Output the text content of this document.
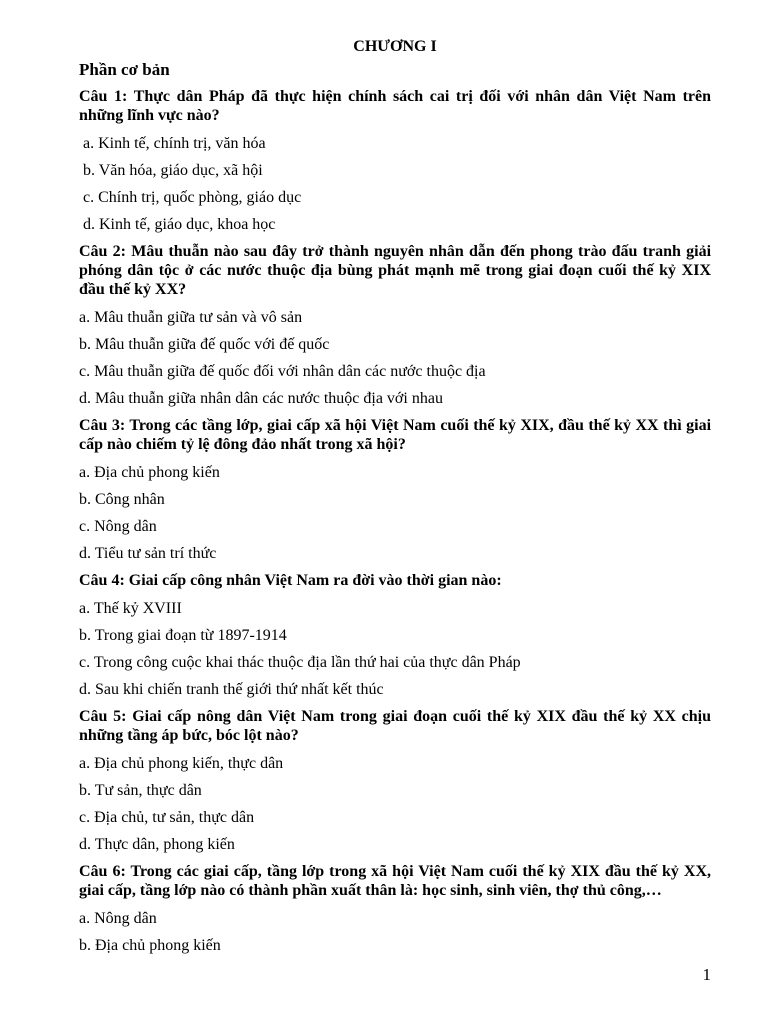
CHƯƠNG I
Phần cơ bản
Câu 1: Thực dân Pháp đã thực hiện chính sách cai trị đối với nhân dân Việt Nam trên những lĩnh vực nào?
a. Kinh tế, chính trị, văn hóa
b. Văn hóa, giáo dục, xã hội
c. Chính trị, quốc phòng, giáo dục
d. Kinh tế, giáo dục, khoa học
Câu 2: Mâu thuẫn nào sau đây trở thành nguyên nhân dẫn đến phong trào đấu tranh giải phóng dân tộc ở các nước thuộc địa bùng phát mạnh mẽ trong giai đoạn cuối thế kỷ XIX đầu thế kỷ XX?
a. Mâu thuẫn giữa tư sản và vô sản
b. Mâu thuẫn giữa đế quốc với đế quốc
c. Mâu thuẫn giữa đế quốc đối với nhân dân các nước thuộc địa
d. Mâu thuẫn giữa nhân dân các nước thuộc địa với nhau
Câu 3: Trong các tầng lớp, giai cấp xã hội Việt Nam cuối thế kỷ XIX, đầu thế kỷ XX thì giai cấp nào chiếm tỷ lệ đông đảo nhất trong xã hội?
a. Địa chủ phong kiến
b. Công nhân
c. Nông dân
d. Tiểu tư sản trí thức
Câu 4: Giai cấp công nhân Việt Nam ra đời vào thời gian nào:
a. Thế kỷ XVIII
b. Trong giai đoạn từ 1897-1914
c. Trong công cuộc khai thác thuộc địa lần thứ hai của thực dân Pháp
d. Sau khi chiến tranh thế giới thứ nhất kết thúc
Câu 5: Giai cấp nông dân Việt Nam trong giai đoạn cuối thế kỷ XIX đầu thế kỷ XX chịu những tầng áp bức, bóc lột nào?
a. Địa chủ phong kiến, thực dân
b. Tư sản, thực dân
c. Địa chủ, tư sản, thực dân
d. Thực dân, phong kiến
Câu 6: Trong các giai cấp, tầng lớp trong xã hội Việt Nam cuối thế kỷ XIX đầu thế kỷ XX, giai cấp, tầng lớp nào có thành phần xuất thân là: học sinh, sinh viên, thợ thủ công,…
a. Nông dân
b. Địa chủ phong kiến
1
